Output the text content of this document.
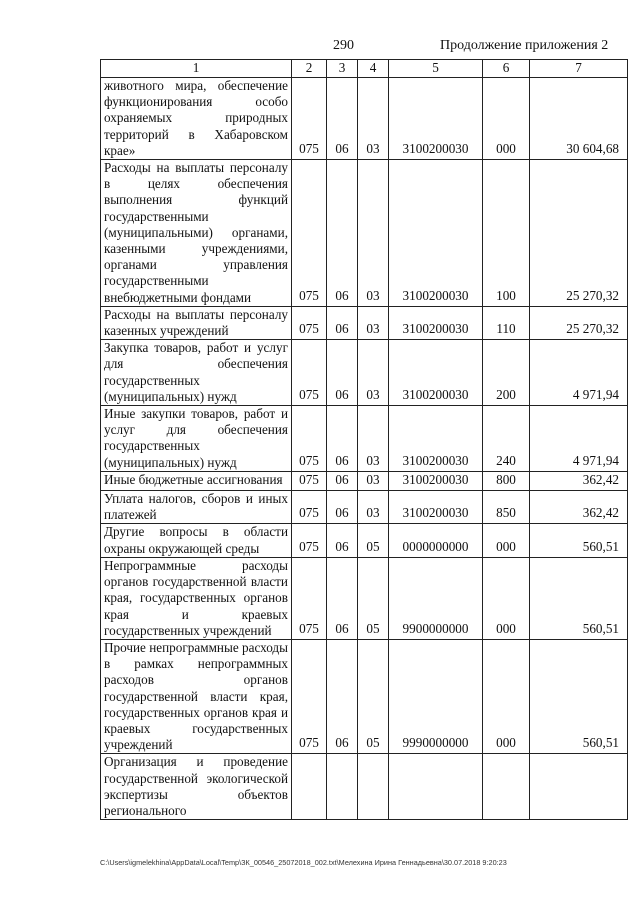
290	Продолжение приложения 2
1	2	3	4	5	6	7
животного мира, обеспечение функционирования особо охраняемых природных территорий в Хабаровском крае»	075	06	03	3100200030	000	30 604,68
Расходы на выплаты персоналу в целях обеспечения выполнения функций государственными (муниципальными) органами, казенными учреждениями, органами управления государственными внебюджетными фондами	075	06	03	3100200030	100	25 270,32
Расходы на выплаты персоналу казенных учреждений	075	06	03	3100200030	110	25 270,32
Закупка товаров, работ и услуг для обеспечения государственных (муниципальных) нужд	075	06	03	3100200030	200	4 971,94
Иные закупки товаров, работ и услуг для обеспечения государственных (муниципальных) нужд	075	06	03	3100200030	240	4 971,94
Иные бюджетные ассигнования	075	06	03	3100200030	800	362,42
Уплата налогов, сборов и иных платежей	075	06	03	3100200030	850	362,42
Другие вопросы в области охраны окружающей среды	075	06	05	0000000000	000	560,51
Непрограммные расходы органов государственной власти края, государственных органов края и краевых государственных учреждений	075	06	05	9900000000	000	560,51
Прочие непрограммные расходы в рамках непрограммных расходов органов государственной власти края, государственных органов края и краевых государственных учреждений	075	06	05	9990000000	000	560,51
Организация и проведение государственной экологической экспертизы объектов регионального						
C:\Users\igmelekhina\AppData\Local\Temp\ЗК_00546_25072018_002.txt\Мелехина Ирина Геннадьевна\30.07.2018 9:20:23
